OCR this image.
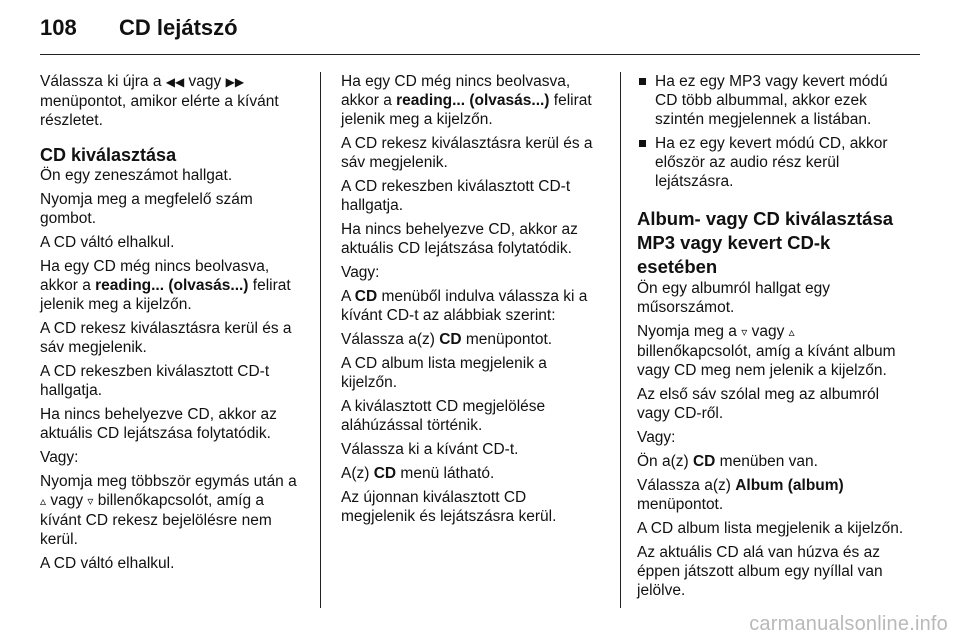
108 CD lejátszó

Válassza ki újra a ◀◀ vagy ▶▶ menüpontot, amikor elérte a kívánt részletet.

CD kiválasztása

Ön egy zeneszámot hallgat.

Nyomja meg a megfelelő szám gombot.

A CD váltó elhalkul.

Ha egy CD még nincs beolvasva, akkor a reading... (olvasás...) felirat jelenik meg a kijelzőn.

A CD rekesz kiválasztásra kerül és a sáv megjelenik.

A CD rekeszben kiválasztott CD-t hallgatja.

Ha nincs behelyezve CD, akkor az aktuális CD lejátszása folytatódik.

Vagy:

Nyomja meg többször egymás után a ▵ vagy ▿ billenőkapcsolót, amíg a kívánt CD rekesz bejelölésre nem kerül.

A CD váltó elhalkul.

Ha egy CD még nincs beolvasva, akkor a reading... (olvasás...) felirat jelenik meg a kijelzőn.

A CD rekesz kiválasztásra kerül és a sáv megjelenik.

A CD rekeszben kiválasztott CD-t hallgatja.

Ha nincs behelyezve CD, akkor az aktuális CD lejátszása folytatódik.

Vagy:

A CD menüből indulva válassza ki a kívánt CD-t az alábbiak szerint:

Válassza a(z) CD menüpontot.

A CD album lista megjelenik a kijelzőn.

A kiválasztott CD megjelölése aláhúzással történik.

Válassza ki a kívánt CD-t.

A(z) CD menü látható.

Az újonnan kiválasztott CD megjelenik és lejátszásra kerül.

Ha ez egy MP3 vagy kevert módú CD több albummal, akkor ezek szintén megjelennek a listában.
Ha ez egy kevert módú CD, akkor először az audio rész kerül lejátszásra.
Album- vagy CD kiválasztása MP3 vagy kevert CD-k esetében

Ön egy albumról hallgat egy műsorszámot.

Nyomja meg a ▿ vagy ▵ billenőkapcsolót, amíg a kívánt album vagy CD meg nem jelenik a kijelzőn.

Az első sáv szólal meg az albumról vagy CD-ről.

Vagy:

Ön a(z) CD menüben van.

Válassza a(z) Album (album) menüpontot.

A CD album lista megjelenik a kijelzőn.

Az aktuális CD alá van húzva és az éppen játszott album egy nyíllal van jelölve.

carmanualsonline.info
